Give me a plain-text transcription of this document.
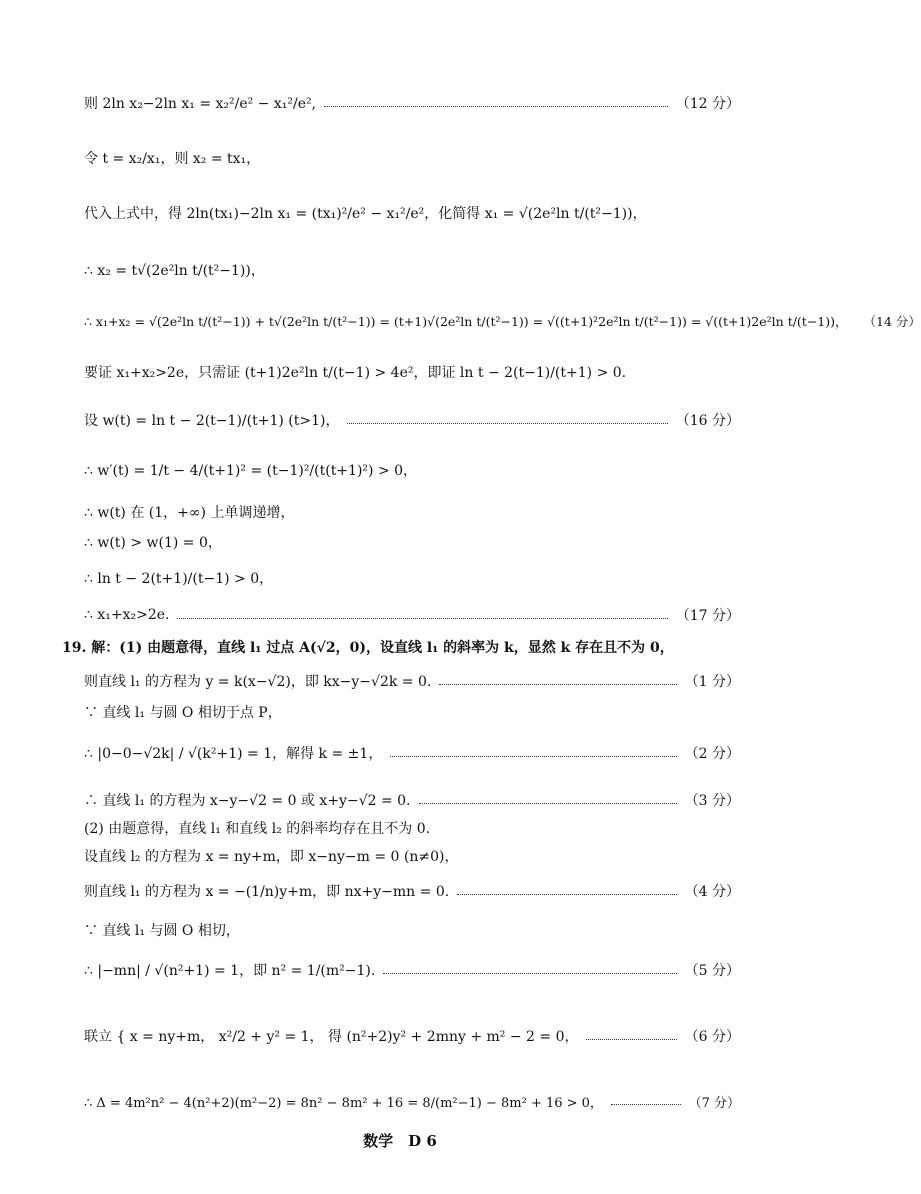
则 2ln x₂−2ln x₁ = x₂²/e² − x₁²/e²,	（12 分）
令 t = x₂/x₁，则 x₂ = tx₁，
代入上式中，得 2ln(tx₁)−2ln x₁ = (tx₁)²/e² − x₁²/e²，化简得 x₁ = √(2e²ln t/(t²−1))，
∴ x₂ = t√(2e²ln t/(t²−1))，
∴ x₁+x₂ = √(2e²ln t/(t²−1)) + t√(2e²ln t/(t²−1)) = (t+1)√(2e²ln t/(t²−1)) = √((t+1)²2e²ln t/(t²−1)) = √((t+1)2e²ln t/(t−1))， （14 分）
要证 x₁+x₂>2e，只需证 (t+1)2e²ln t/(t−1) > 4e²，即证 ln t − 2(t−1)/(t+1) > 0.
设 w(t) = ln t − 2(t−1)/(t+1) (t>1)，	（16 分）
∴ w′(t) = 1/t − 4/(t+1)² = (t−1)²/(t(t+1)²) > 0，
∴ w(t) 在 (1，+∞) 上单调递增，
∴ w(t) > w(1) = 0，
∴ ln t − 2(t+1)/(t−1) > 0，
∴ x₁+x₂>2e.	（17 分）
19. 解：(1) 由题意得，直线 l₁ 过点 A(√2，0)，设直线 l₁ 的斜率为 k，显然 k 存在且不为 0，
则直线 l₁ 的方程为 y = k(x−√2)，即 kx−y−√2k = 0.	（1 分）
∵ 直线 l₁ 与圆 O 相切于点 P，
∴ |0−0−√2k| / √(k²+1) = 1，解得 k = ±1，	（2 分）
∴ 直线 l₁ 的方程为 x−y−√2 = 0 或 x+y−√2 = 0.	（3 分）
(2) 由题意得，直线 l₁ 和直线 l₂ 的斜率均存在且不为 0.
设直线 l₂ 的方程为 x = ny+m，即 x−ny−m = 0 (n≠0)，
则直线 l₁ 的方程为 x = −(1/n)y+m，即 nx+y−mn = 0.	（4 分）
∵ 直线 l₁ 与圆 O 相切，
∴ |−mn| / √(n²+1) = 1，即 n² = 1/(m²−1).	（5 分）
联立 { x = ny+m， x²/2 + y² = 1， 得 (n²+2)y² + 2mny + m² − 2 = 0，	（6 分）
∴ Δ = 4m²n² − 4(n²+2)(m²−2) = 8n² − 8m² + 16 = 8/(m²−1) − 8m² + 16 > 0，	（7 分）
数学　D 6
